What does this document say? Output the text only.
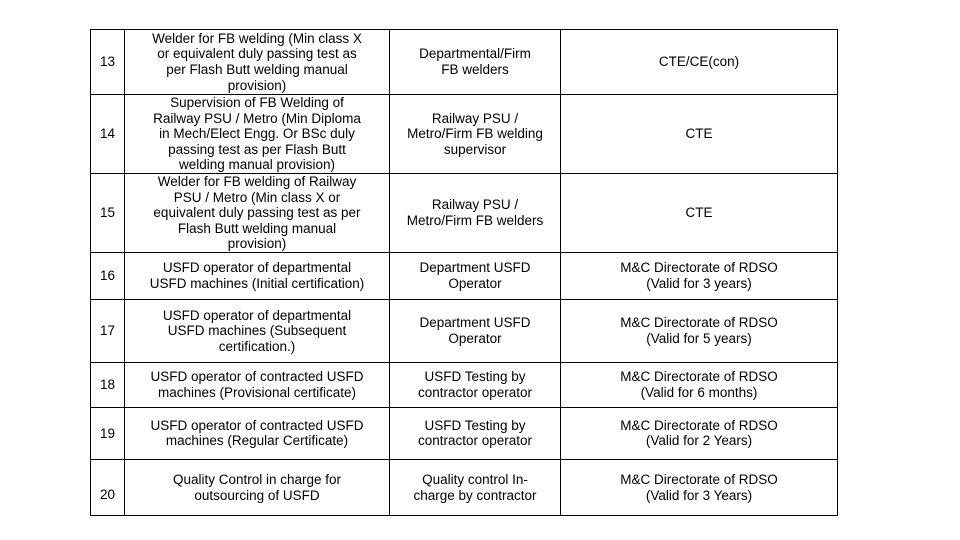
13	Welder for FB welding (Min class X
or equivalent duly passing test as
per Flash Butt welding manual
provision)	Departmental/Firm
FB welders	CTE/CE(con)

14	Supervision of FB Welding of
Railway PSU / Metro (Min Diploma
in Mech/Elect Engg. Or BSc duly
passing test as per Flash Butt
welding manual provision)	Railway PSU /
Metro/Firm FB welding
supervisor	CTE

15	Welder for FB welding of Railway
PSU / Metro (Min class X or
equivalent duly passing test as per
Flash Butt welding manual
provision)	Railway PSU /
Metro/Firm FB welders	CTE

16	USFD operator of departmental
USFD machines (Initial certification)	Department USFD
Operator	M&C Directorate of RDSO
(Valid for 3 years)

17	USFD operator of departmental
USFD machines (Subsequent
certification.)	Department USFD
Operator	M&C Directorate of RDSO
(Valid for 5 years)

18	USFD operator of contracted USFD
machines (Provisional certificate)	USFD Testing by
contractor operator	M&C Directorate of RDSO
(Valid for 6 months)

19	USFD operator of contracted USFD
machines (Regular Certificate)	USFD Testing by
contractor operator	M&C Directorate of RDSO
(Valid for 2 Years)

20	Quality Control in charge for
outsourcing of USFD	Quality control In-
charge by contractor	M&C Directorate of RDSO
(Valid for 3 Years)
